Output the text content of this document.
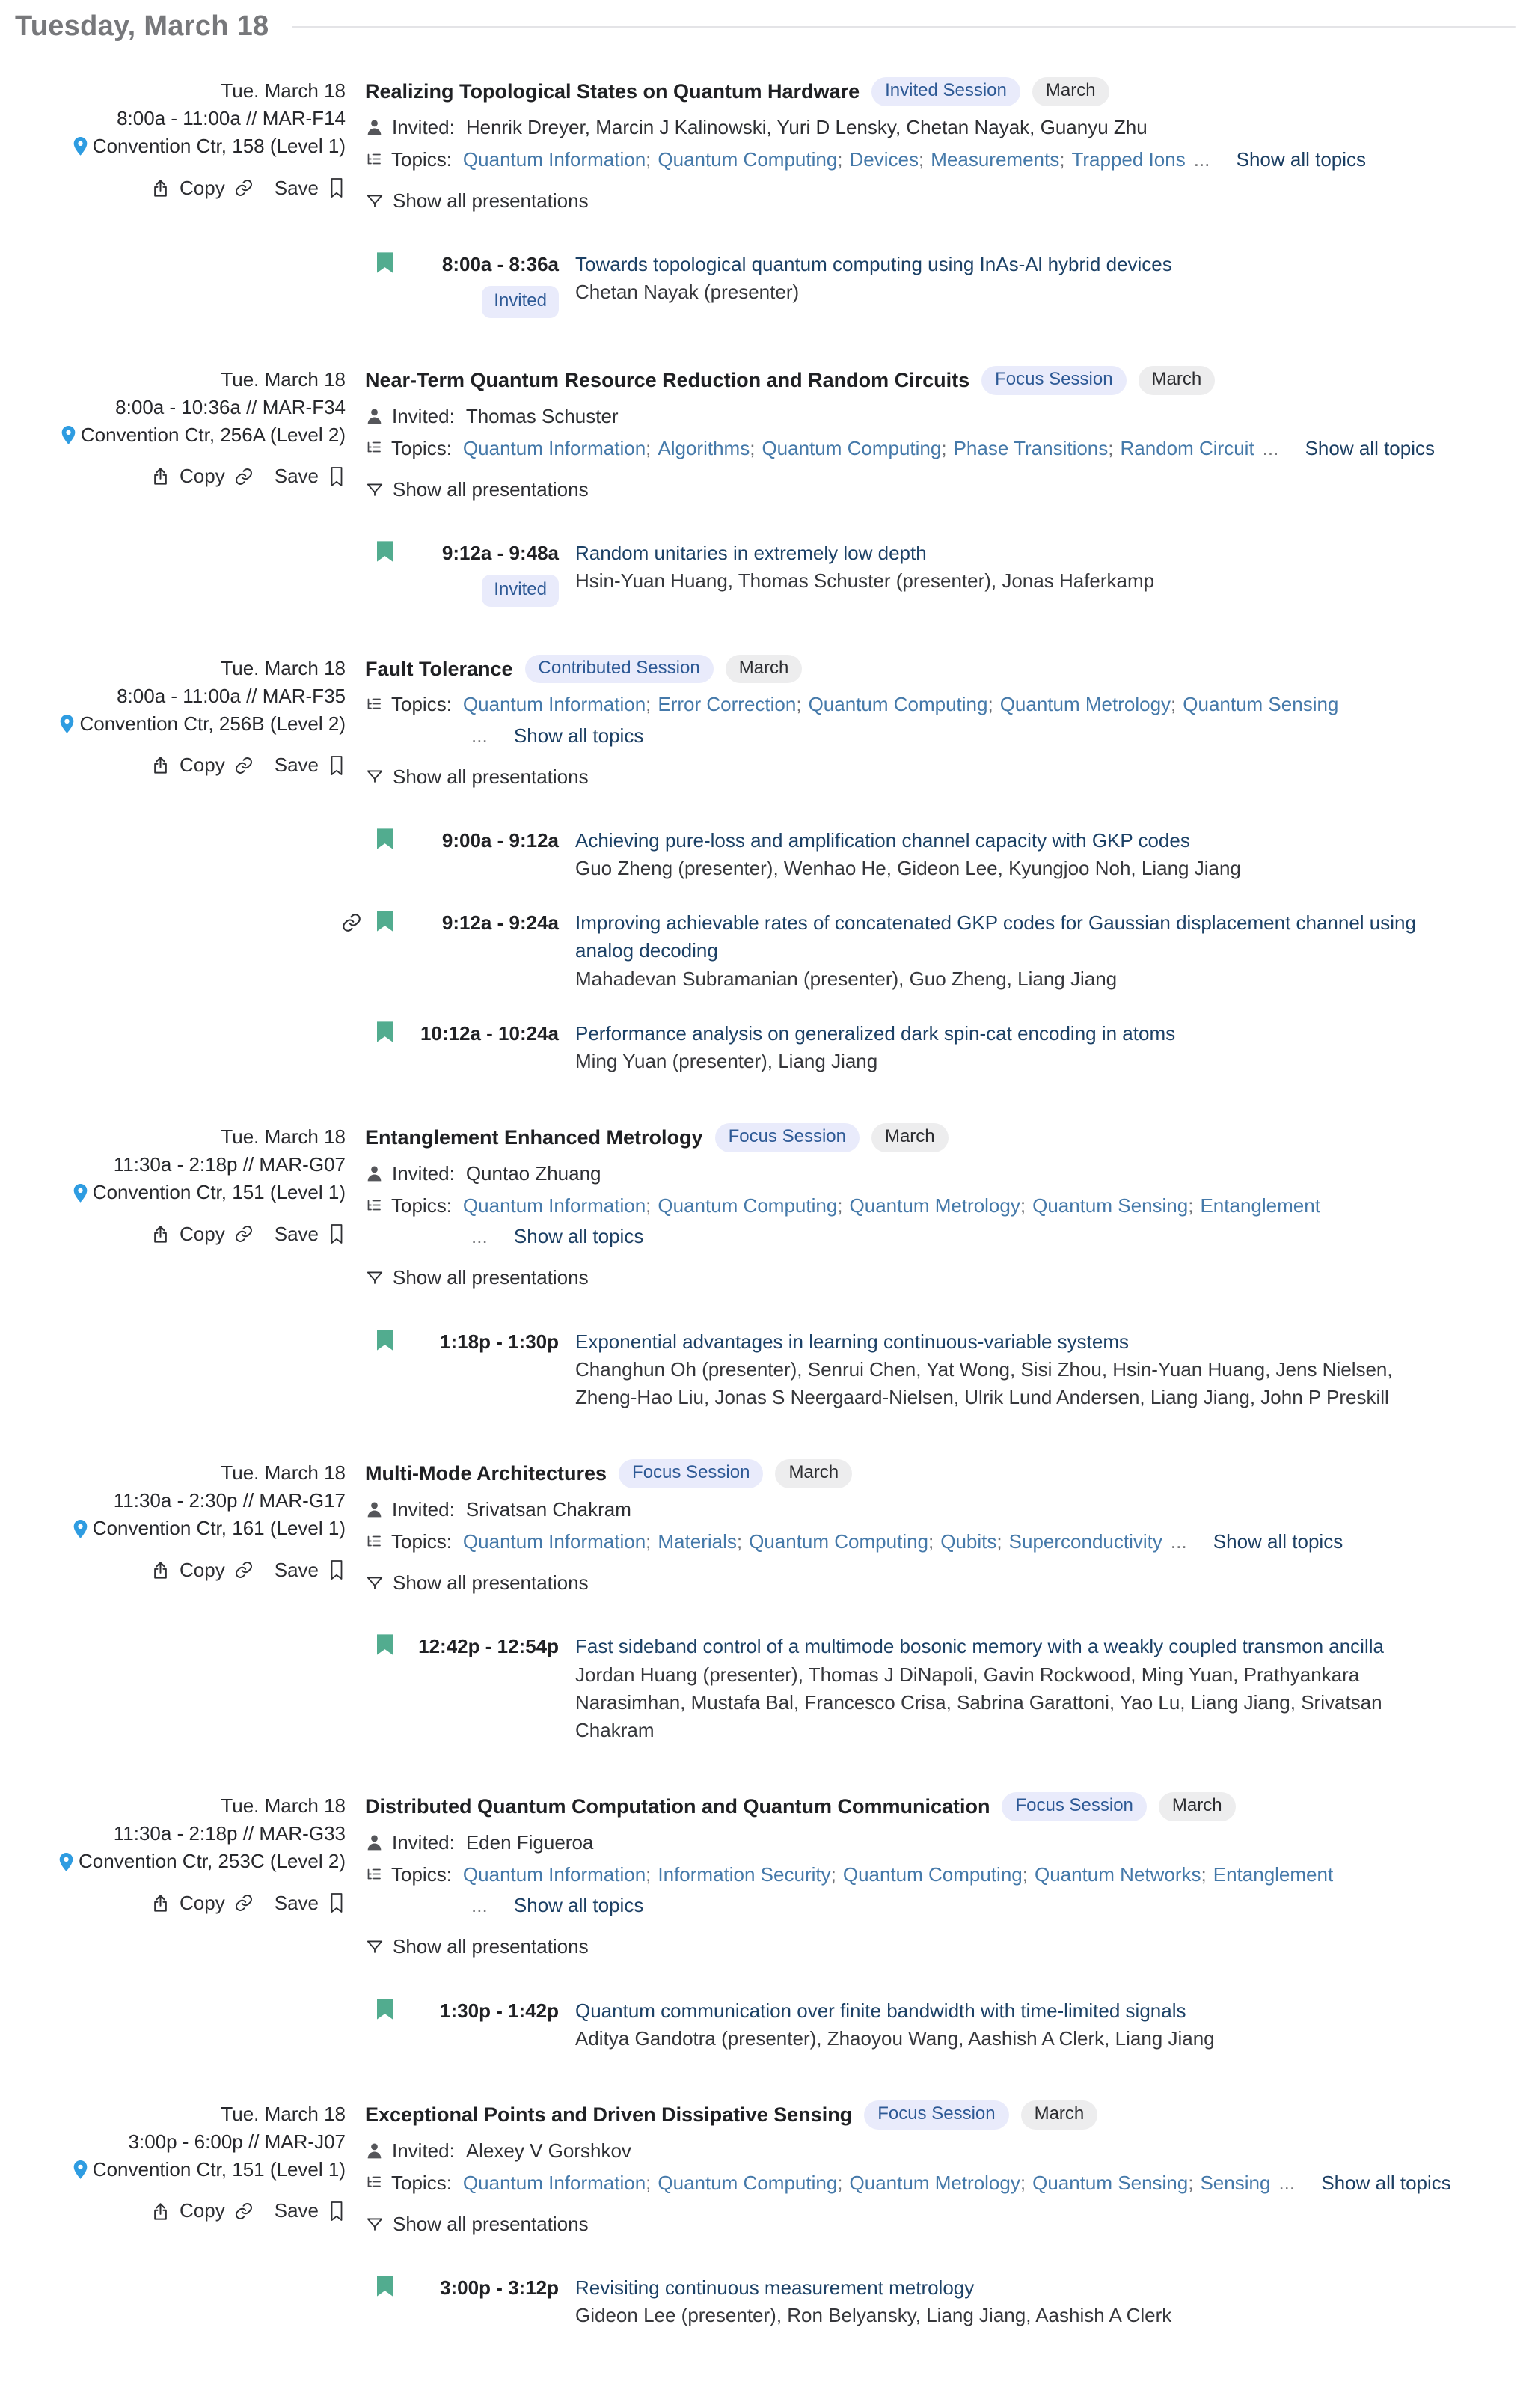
Tuesday, March 18
Tue. March 18
8:00a - 11:00a // MAR-F14
Convention Ctr, 158 (Level 1)
Copy	Save
Realizing Topological States on Quantum Hardware	Invited Session	March
Invited: Henrik Dreyer, Marcin J Kalinowski, Yuri D Lensky, Chetan Nayak, Guanyu Zhu
Topics: Quantum Information; Quantum Computing; Devices; Measurements; Trapped Ions ... Show all topics
Show all presentations
8:00a - 8:36a
Invited
Towards topological quantum computing using InAs-Al hybrid devices
Chetan Nayak (presenter)
Tue. March 18
8:00a - 10:36a // MAR-F34
Convention Ctr, 256A (Level 2)
Copy	Save
Near-Term Quantum Resource Reduction and Random Circuits	Focus Session	March
Invited: Thomas Schuster
Topics: Quantum Information; Algorithms; Quantum Computing; Phase Transitions; Random Circuit ... Show all topics
Show all presentations
9:12a - 9:48a
Invited
Random unitaries in extremely low depth
Hsin-Yuan Huang, Thomas Schuster (presenter), Jonas Haferkamp
Tue. March 18
8:00a - 11:00a // MAR-F35
Convention Ctr, 256B (Level 2)
Copy	Save
Fault Tolerance	Contributed Session	March
Topics: Quantum Information; Error Correction; Quantum Computing; Quantum Metrology; Quantum Sensing
... Show all topics
Show all presentations
9:00a - 9:12a Achieving pure-loss and amplification channel capacity with GKP codes
Guo Zheng (presenter), Wenhao He, Gideon Lee, Kyungjoo Noh, Liang Jiang
9:12a - 9:24a Improving achievable rates of concatenated GKP codes for Gaussian displacement channel using analog decoding
Mahadevan Subramanian (presenter), Guo Zheng, Liang Jiang
10:12a - 10:24a Performance analysis on generalized dark spin-cat encoding in atoms
Ming Yuan (presenter), Liang Jiang
Tue. March 18
11:30a - 2:18p // MAR-G07
Convention Ctr, 151 (Level 1)
Copy	Save
Entanglement Enhanced Metrology	Focus Session	March
Invited: Quntao Zhuang
Topics: Quantum Information; Quantum Computing; Quantum Metrology; Quantum Sensing; Entanglement
... Show all topics
Show all presentations
1:18p - 1:30p Exponential advantages in learning continuous-variable systems
Changhun Oh (presenter), Senrui Chen, Yat Wong, Sisi Zhou, Hsin-Yuan Huang, Jens Nielsen, Zheng-Hao Liu, Jonas S Neergaard-Nielsen, Ulrik Lund Andersen, Liang Jiang, John P Preskill
Tue. March 18
11:30a - 2:30p // MAR-G17
Convention Ctr, 161 (Level 1)
Copy	Save
Multi-Mode Architectures	Focus Session	March
Invited: Srivatsan Chakram
Topics: Quantum Information; Materials; Quantum Computing; Qubits; Superconductivity ... Show all topics
Show all presentations
12:42p - 12:54p Fast sideband control of a multimode bosonic memory with a weakly coupled transmon ancilla
Jordan Huang (presenter), Thomas J DiNapoli, Gavin Rockwood, Ming Yuan, Prathyankara Narasimhan, Mustafa Bal, Francesco Crisa, Sabrina Garattoni, Yao Lu, Liang Jiang, Srivatsan Chakram
Tue. March 18
11:30a - 2:18p // MAR-G33
Convention Ctr, 253C (Level 2)
Copy	Save
Distributed Quantum Computation and Quantum Communication	Focus Session	March
Invited: Eden Figueroa
Topics: Quantum Information; Information Security; Quantum Computing; Quantum Networks; Entanglement
... Show all topics
Show all presentations
1:30p - 1:42p Quantum communication over finite bandwidth with time-limited signals
Aditya Gandotra (presenter), Zhaoyou Wang, Aashish A Clerk, Liang Jiang
Tue. March 18
3:00p - 6:00p // MAR-J07
Convention Ctr, 151 (Level 1)
Copy	Save
Exceptional Points and Driven Dissipative Sensing	Focus Session	March
Invited: Alexey V Gorshkov
Topics: Quantum Information; Quantum Computing; Quantum Metrology; Quantum Sensing; Sensing ... Show all topics
Show all presentations
3:00p - 3:12p Revisiting continuous measurement metrology
Gideon Lee (presenter), Ron Belyansky, Liang Jiang, Aashish A Clerk
